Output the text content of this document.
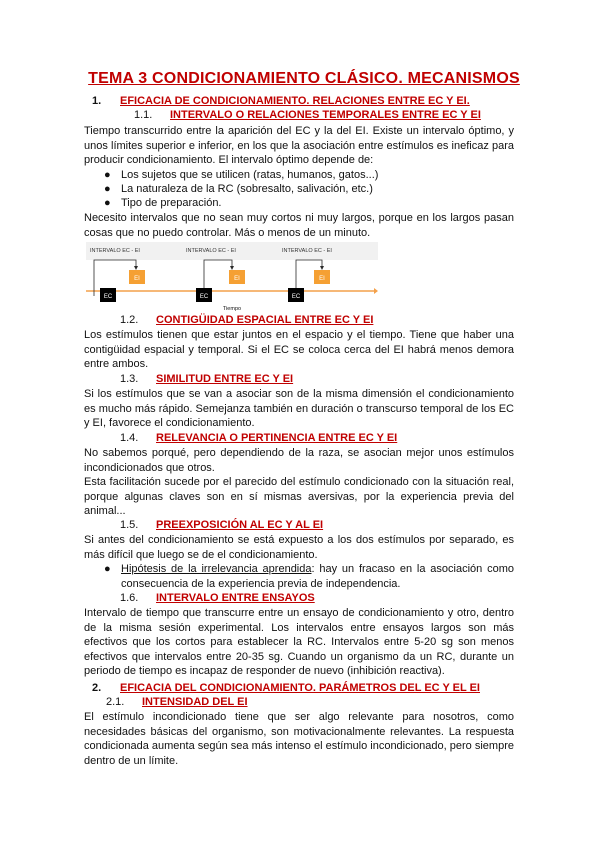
TEMA 3 CONDICIONAMIENTO CLÁSICO. MECANISMOS
1. EFICACIA DE CONDICIONAMIENTO. RELACIONES ENTRE EC Y EI.
1.1. INTERVALO O RELACIONES TEMPORALES ENTRE EC Y EI
Tiempo transcurrido entre la aparición del EC y la del EI. Existe un intervalo óptimo, y unos límites superior e inferior, en los que la asociación entre estímulos es ineficaz para producir condicionamiento. El intervalo óptimo depende de:
● Los sujetos que se utilicen (ratas, humanos, gatos...)
● La naturaleza de la RC (sobresalto, salivación, etc.)
● Tipo de preparación.
Necesito intervalos que no sean muy cortos ni muy largos, porque en los largos pasan cosas que no puedo controlar. Más o menos de un minuto.
INTERVALO EC - EI
EI
EC
INTERVALO EC - EI
EI
EC
INTERVALO EC - EI
EI
EC
Tiempo
1.2. CONTIGÜIDAD ESPACIAL ENTRE EC Y EI
Los estímulos tienen que estar juntos en el espacio y el tiempo. Tiene que haber una contigüidad espacial y temporal. Si el EC se coloca cerca del EI habrá menos demora entre ambos.
1.3. SIMILITUD ENTRE EC Y EI
Si los estímulos que se van a asociar son de la misma dimensión el condicionamiento es mucho más rápido. Semejanza también en duración o transcurso temporal de los EC y EI, favorece el condicionamiento.
1.4. RELEVANCIA O PERTINENCIA ENTRE EC Y EI
No sabemos porqué, pero dependiendo de la raza, se asocian mejor unos estímulos incondicionados que otros.
Esta facilitación sucede por el parecido del estímulo condicionado con la situación real, porque algunas claves son en sí mismas aversivas, por la experiencia previa del animal...
1.5. PREEXPOSICIÓN AL EC Y AL EI
Si antes del condicionamiento se está expuesto a los dos estímulos por separado, es más difícil que luego se de el condicionamiento.
● Hipótesis de la irrelevancia aprendida: hay un fracaso en la asociación como consecuencia de la experiencia previa de independencia.
1.6. INTERVALO ENTRE ENSAYOS
Intervalo de tiempo que transcurre entre un ensayo de condicionamiento y otro, dentro de la misma sesión experimental. Los intervalos entre ensayos largos son más efectivos que los cortos para establecer la RC. Intervalos entre 5-20 sg son menos efectivos que intervalos entre 20-35 sg. Cuando un organismo da un RC, durante un periodo de tiempo es incapaz de responder de nuevo (inhibición reactiva).
2. EFICACIA DEL CONDICIONAMIENTO. PARÁMETROS DEL EC Y EL EI
2.1. INTENSIDAD DEL EI
El estímulo incondicionado tiene que ser algo relevante para nosotros, como necesidades básicas del organismo, son motivacionalmente relevantes. La respuesta condicionada aumenta según sea más intenso el estímulo incondicionado, pero siempre dentro de un límite.
